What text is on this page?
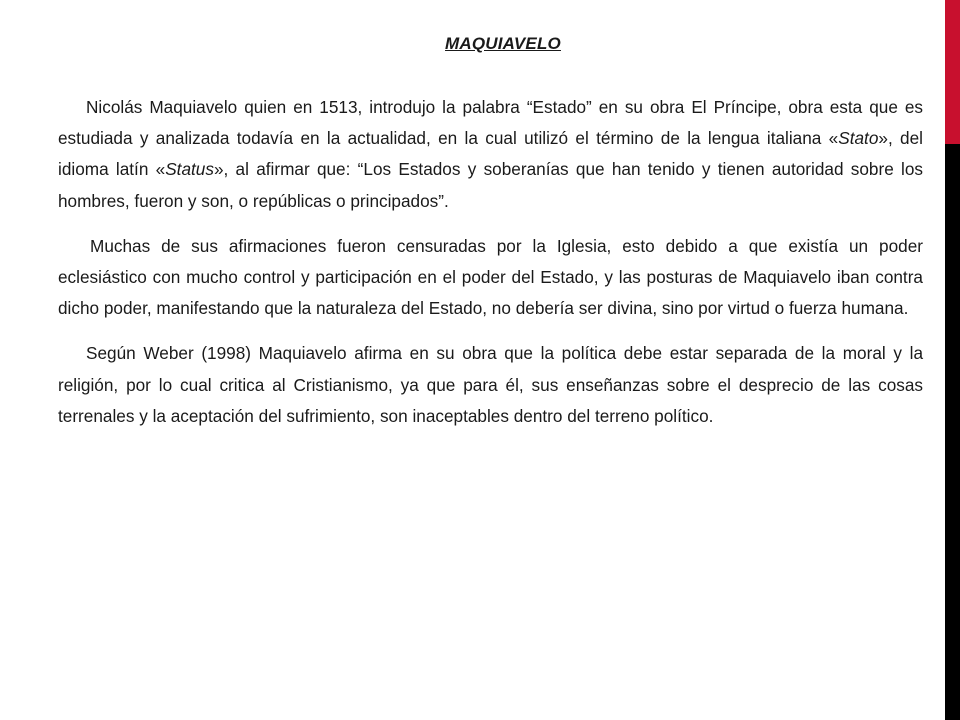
MAQUIAVELO

Nicolás Maquiavelo quien en 1513, introdujo la palabra “Estado” en su obra El Príncipe, obra esta que es estudiada y analizada todavía en la actualidad, en la cual utilizó el término de la lengua italiana «Stato», del idioma latín «Status», al afirmar que: “Los Estados y soberanías que han tenido y tienen autoridad sobre los hombres, fueron y son, o repúblicas o principados”.

Muchas de sus afirmaciones fueron censuradas por la Iglesia, esto debido a que existía un poder eclesiástico con mucho control y participación en el poder del Estado, y las posturas de Maquiavelo iban contra dicho poder, manifestando que la naturaleza del Estado, no debería ser divina, sino por virtud o fuerza humana.

Según Weber (1998) Maquiavelo afirma en su obra que la política debe estar separada de la moral y la religión, por lo cual critica al Cristianismo, ya que para él, sus enseñanzas sobre el desprecio de las cosas terrenales y la aceptación del sufrimiento, son inaceptables dentro del terreno político.
